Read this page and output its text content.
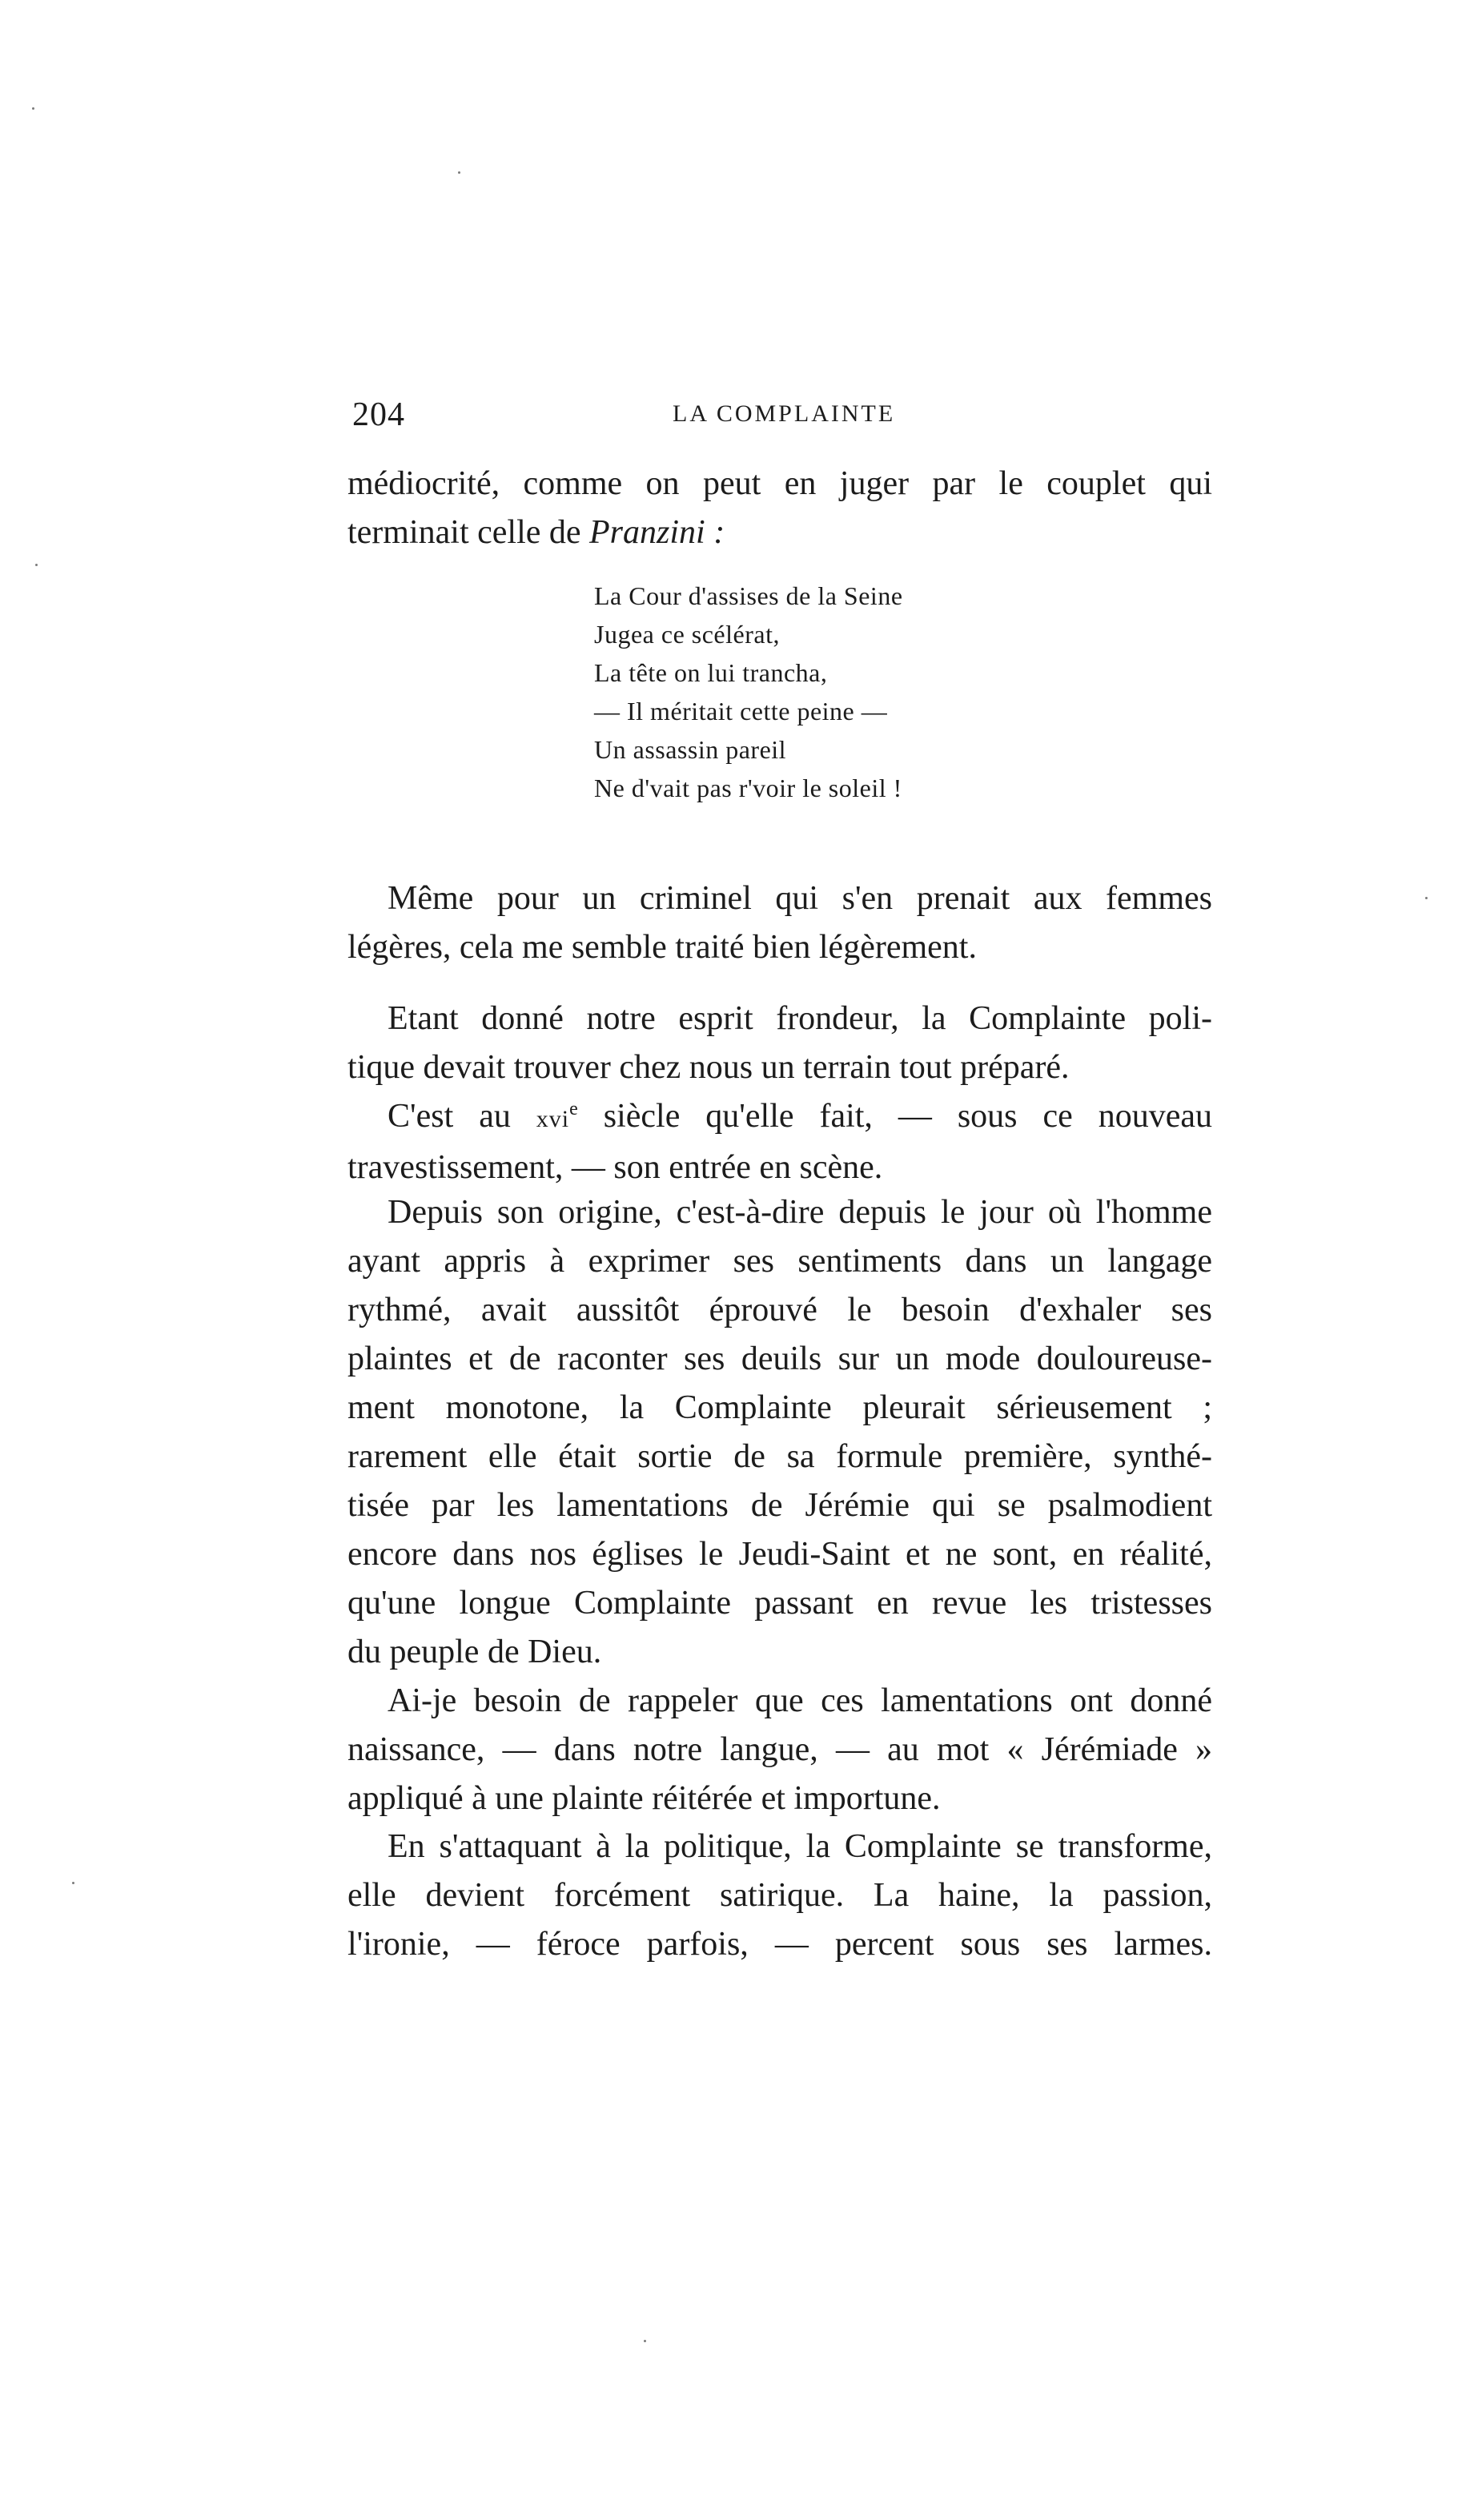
204	LA COMPLAINTE
médiocrité, comme on peut en juger par le couplet qui
terminait celle de Pranzini :
La Cour d'assises de la Seine
Jugea ce scélérat,
La tête on lui trancha,
— Il méritait cette peine —
Un assassin pareil
Ne d'vait pas r'voir le soleil !
Même pour un criminel qui s'en prenait aux femmes
légères, cela me semble traité bien légèrement.
Etant donné notre esprit frondeur, la Complainte poli-
tique devait trouver chez nous un terrain tout préparé.
C'est au xvi$^e$ siècle qu'elle fait, — sous ce nouveau
travestissement, — son entrée en scène.
Depuis son origine, c'est-à-dire depuis le jour où l'homme
ayant appris à exprimer ses sentiments dans un langage
rythmé, avait aussitôt éprouvé le besoin d'exhaler ses
plaintes et de raconter ses deuils sur un mode douloureuse-
ment monotone, la Complainte pleurait sérieusement ;
rarement elle était sortie de sa formule première, synthé-
tisée par les lamentations de Jérémie qui se psalmodient
encore dans nos églises le Jeudi-Saint et ne sont, en réalité,
qu'une longue Complainte passant en revue les tristesses
du peuple de Dieu.
Ai-je besoin de rappeler que ces lamentations ont donné
naissance, — dans notre langue, — au mot « Jérémiade »
appliqué à une plainte réitérée et importune.
En s'attaquant à la politique, la Complainte se transforme,
elle devient forcément satirique. La haine, la passion,
l'ironie, — féroce parfois, — percent sous ses larmes.
